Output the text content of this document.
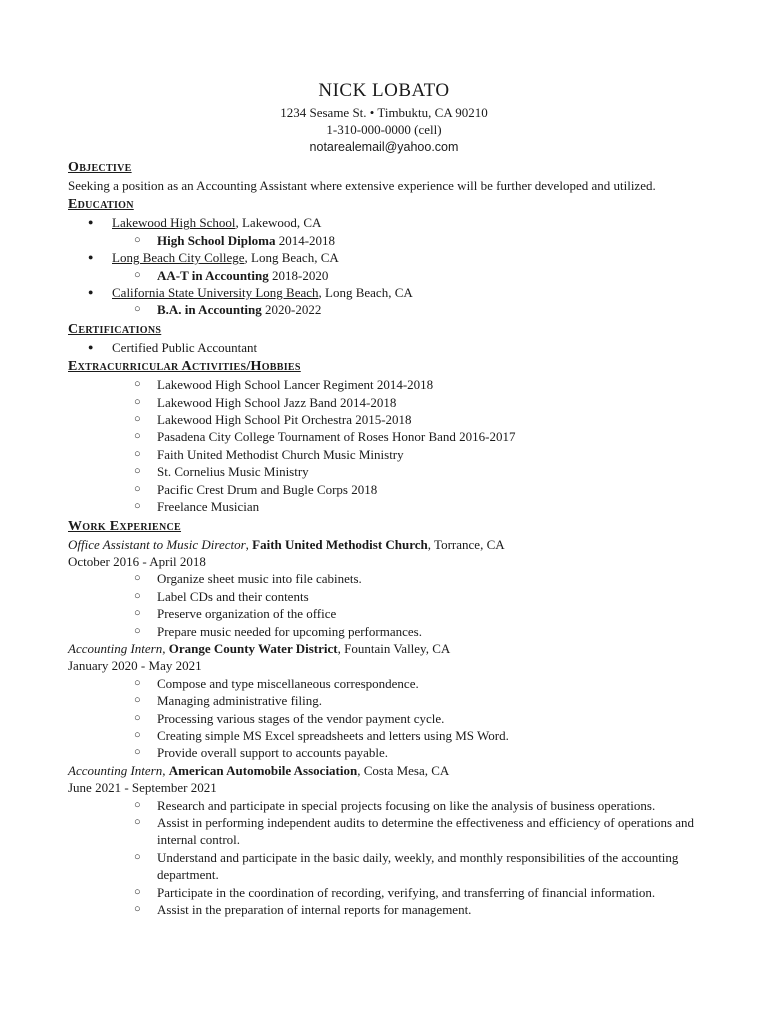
NICK LOBATO
1234 Sesame St. • Timbuktu, CA 90210
1-310-000-0000 (cell)
notarealemail@yahoo.com
Objective
Seeking a position as an Accounting Assistant where extensive experience will be further developed and utilized.
Education
● Lakewood High School, Lakewood, CA
○ High School Diploma 2014-2018
● Long Beach City College, Long Beach, CA
○ AA-T in Accounting 2018-2020
● California State University Long Beach, Long Beach, CA
○ B.A. in Accounting 2020-2022
Certifications
● Certified Public Accountant
Extracurricular Activities/Hobbies
○ Lakewood High School Lancer Regiment 2014-2018
○ Lakewood High School Jazz Band 2014-2018
○ Lakewood High School Pit Orchestra 2015-2018
○ Pasadena City College Tournament of Roses Honor Band 2016-2017
○ Faith United Methodist Church Music Ministry
○ St. Cornelius Music Ministry
○ Pacific Crest Drum and Bugle Corps 2018
○ Freelance Musician
Work Experience
Office Assistant to Music Director, Faith United Methodist Church, Torrance, CA
October 2016 - April 2018
○ Organize sheet music into file cabinets.
○ Label CDs and their contents
○ Preserve organization of the office
○ Prepare music needed for upcoming performances.
Accounting Intern, Orange County Water District, Fountain Valley, CA
January 2020 - May 2021
○ Compose and type miscellaneous correspondence.
○ Managing administrative filing.
○ Processing various stages of the vendor payment cycle.
○ Creating simple MS Excel spreadsheets and letters using MS Word.
○ Provide overall support to accounts payable.
Accounting Intern, American Automobile Association, Costa Mesa, CA
June 2021 - September 2021
○ Research and participate in special projects focusing on like the analysis of business operations.
○ Assist in performing independent audits to determine the effectiveness and efficiency of operations and internal control.
○ Understand and participate in the basic daily, weekly, and monthly responsibilities of the accounting department.
○ Participate in the coordination of recording, verifying, and transferring of financial information.
○ Assist in the preparation of internal reports for management.
